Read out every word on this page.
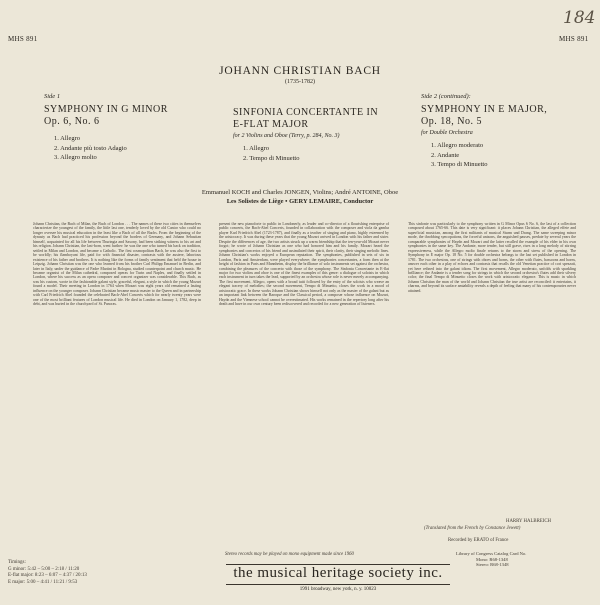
MHS 891	MHS 891
184
JOHANN CHRISTIAN BACH
(1735-1782)
Side 1
SYMPHONY IN G MINOR
Op. 6, No. 6
1. Allegro
2. Andante più tosto Adagio
3. Allegro molto
SINFONIA CONCERTANTE IN
E-FLAT MAJOR
for 2 Violins and Oboe (Terry, p. 284, No. 3)
1. Allegro
2. Tempo di Minuetto
Side 2 (continued):
SYMPHONY IN E MAJOR,
Op. 18, No. 5
for Double Orchestra
1. Allegro moderato
2. Andante
3. Tempo di Minuetto
Emmanuel KOCH and Charles JONGEN, Violins; André ANTOINE, Oboe
Les Solistes de Liège • GERY LEMAIRE, Conductor

Johann Christian, the Bach of Milan, the Bach of London . . . The names of these two cities in themselves characterize the youngest of the family, the little last one, tenderly loved by the old Cantor who could no longer oversee his musical education in the least like a Bach of all the Bachs. From the beginning of the dynasty as Bach had practiced his profession beyond the borders of Germany, and Johann Sebastian himself, acquainted for all his life between Thuringia and Saxony, had been striking witness to his art and his religion. Johann Christian, the last-born, went further: he was the one who turned his back on tradition, settled in Milan and London, and became a Catholic. The first cosmopolitan Bach, he was also the first to be worldly; his flamboyant life, paid for with financial disaster, contrasts with the austere, laborious existence of his father and brothers. It is nothing like the forms of family sentiment that held the house in Leipzig. Johann Christian was the one who learned from his brother Carl Philipp Emanuel in Berlin, and later in Italy, under the guidance of Padre Martini in Bologna, studied counterpoint and church music. He became organist of the Milan cathedral, composed operas for Turin and Naples, and finally settled in London, where his success as an opera composer and concert organizer was considerable. This Bach, as was his custom, wrote in the fashionable galant style, graceful, elegant, a style in which the young Mozart found a model. Their meeting in London in 1764 when Mozart was eight years old remained a lasting influence on the younger composer. Johann Christian became music master to the Queen and in partnership with Carl Friedrich Abel founded the celebrated Bach-Abel Concerts which for nearly twenty years were one of the most brilliant features of London musical life. He died in London on January 1, 1782, deep in debt, and was buried in the churchyard of St. Pancras.

present the new pianoforte to public in Londonerly, as leader and co-director of a flourishing enterprise of public concerts, the Bach-Abel Concerts, founded in collaboration with the composer and viola da gamba player Karl Friedrich Abel (1723-1787), and finally as a teacher of singing and piano, highly esteemed by the aristocracy. It was during these years that the young Mozart arrived in London with his father and sister. Despite the differences of age, the two artists struck up a warm friendship that the ten-year-old Mozart never forgot; he wrote of Johann Christian as one who had honored him and his family. Mozart heard the symphonies and concertos of his friend and assimilated their spirit, their clarity, their singing melodic lines. Johann Christian's works enjoyed a European reputation. The symphonies, published in sets of six in London, Paris and Amsterdam, were played everywhere; the symphonies concertantes, a form then at the height of fashion in Paris and Mannheim, display the brilliance of solo instruments set against the orchestra, combining the pleasures of the concerto with those of the symphony. The Sinfonia Concertante in E-flat major for two violins and oboe is one of the finest examples of this genre: a dialogue of soloists in which each instrument in turn takes the lead, supported by an orchestra whose role is never merely accompanying. The first movement, Allegro, opens with a broad tutti followed by the entry of the soloists who weave an elegant tracery of melodies; the second movement, Tempo di Minuetto, closes the work in a mood of aristocratic grace. In these works Johann Christian shows himself not only as the master of the galant but as an important link between the Baroque and the Classical period, a composer whose influence on Mozart, Haydn and the Viennese school cannot be overestimated. His works remained in the repertory long after his death and have in our own century been rediscovered and recorded for a new generation of listeners.

Stereo records may be played on mono equipment made since 1960

This sinfonie was particularly to the symphony written in G Minor Opus 6 No. 6, the last of a collection composed about 1765-66. This date is very significant: it places Johann Christian, the alleged effete and superficial musician, among the first militants of musical Sturm und Drang. The same sweeping minor mode, the throbbing syncopations, the forceful unisons, the anguished pauses, predate by several years the comparable symphonies of Haydn and Mozart and the latter recalled the example of his elder in his own symphonies in the same key. The Andante, more tender, but still grave, rises in a long melody of stirring expressiveness, while the Allegro molto finale returns to the storm and stress of the opening. The Symphony in E major Op. 18 No. 5 for double orchestra belongs to the last set published in London in 1781. The two orchestras, one of strings with oboes and horns, the other with flutes, bassoons and horns, answer each other in a play of echoes and contrasts that recalls the old Venetian practice of cori spezzati, yet here refined into the galant idiom. The first movement, Allegro moderato, unfolds with sparkling brilliance; the Andante is a tender song for strings in which the second orchestra's flutes add their silvery color; the final Tempo di Minuetto closes the work with aristocratic elegance. This is music in which Johann Christian the man of the world and Johann Christian the true artist are reconciled: it entertains, it charms, and beyond its surface amiability reveals a depth of feeling that many of his contemporaries never attained.

HARRY HALBREICH
(Translated from the French by Constance Jewett)
Recorded by ERATO of France
Library of Congress Catalog Card No.
Mono: R68-1348
Stereo: R68-1348
Timings:
G minor: 5:42 – 5:00 – 2:18 / 11:20
E-flat major: 8:23 – 6:07 – 4:37 / 20:13
E major: 5:00 – 4:41 / 11:21 / 9:53
the musical heritage society inc.
1991 broadway, new york, n. y. 10023
